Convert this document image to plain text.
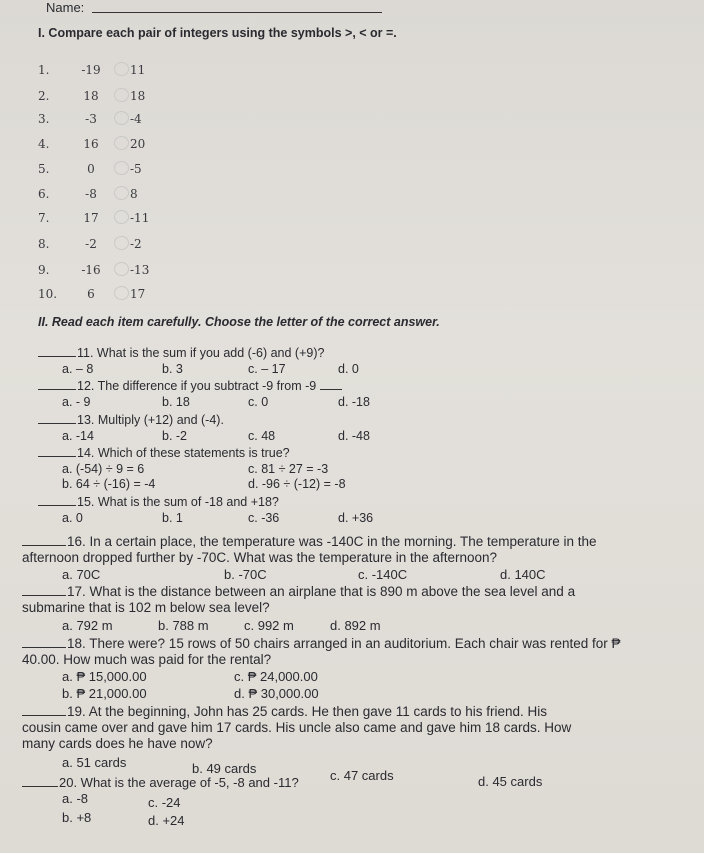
Name:
I. Compare each pair of integers using the symbols >, < or =.
1.	-19	11
2.	18	18
3.	-3	-4
4.	16	20
5.	0	-5
6.	-8	8
7.	17	-11
8.	-2	-2
9.	-16	-13
10.	6	17
II. Read each item carefully. Choose the letter of the correct answer.
11. What is the sum if you add (-6) and (+9)?
a. – 8	b. 3	c. – 17	d. 0
12. The difference if you subtract -9 from -9
a. - 9	b. 18	c. 0	d. -18
13. Multiply (+12) and (-4).
a. -14	b. -2	c. 48	d. -48
14. Which of these statements is true?
a. (-54) ÷ 9 = 6	c. 81 ÷ 27 = -3
b. 64 ÷ (-16) = -4	d. -96 ÷ (-12) = -8
15. What is the sum of -18 and +18?
a. 0	b. 1	c. -36	d. +36
16. In a certain place, the temperature was -140C in the morning. The temperature in the
afternoon dropped further by -70C. What was the temperature in the afternoon?
a. 70C	b. -70C	c. -140C	d. 140C
17. What is the distance between an airplane that is 890 m above the sea level and a
submarine that is 102 m below sea level?
a. 792 m	b. 788 m	c. 992 m	d. 892 m
18. There were? 15 rows of 50 chairs arranged in an auditorium. Each chair was rented for ₱
40.00. How much was paid for the rental?
a. ₱ 15,000.00	c. ₱ 24,000.00
b. ₱ 21,000.00	d. ₱ 30,000.00
19. At the beginning, John has 25 cards. He then gave 11 cards to his friend. His
cousin came over and gave him 17 cards. His uncle also came and gave him 18 cards. How
many cards does he have now?
a. 51 cards	b. 49 cards	c. 47 cards	d. 45 cards
20. What is the average of -5, -8 and -11?
a. -8	c. -24
b. +8	d. +24
